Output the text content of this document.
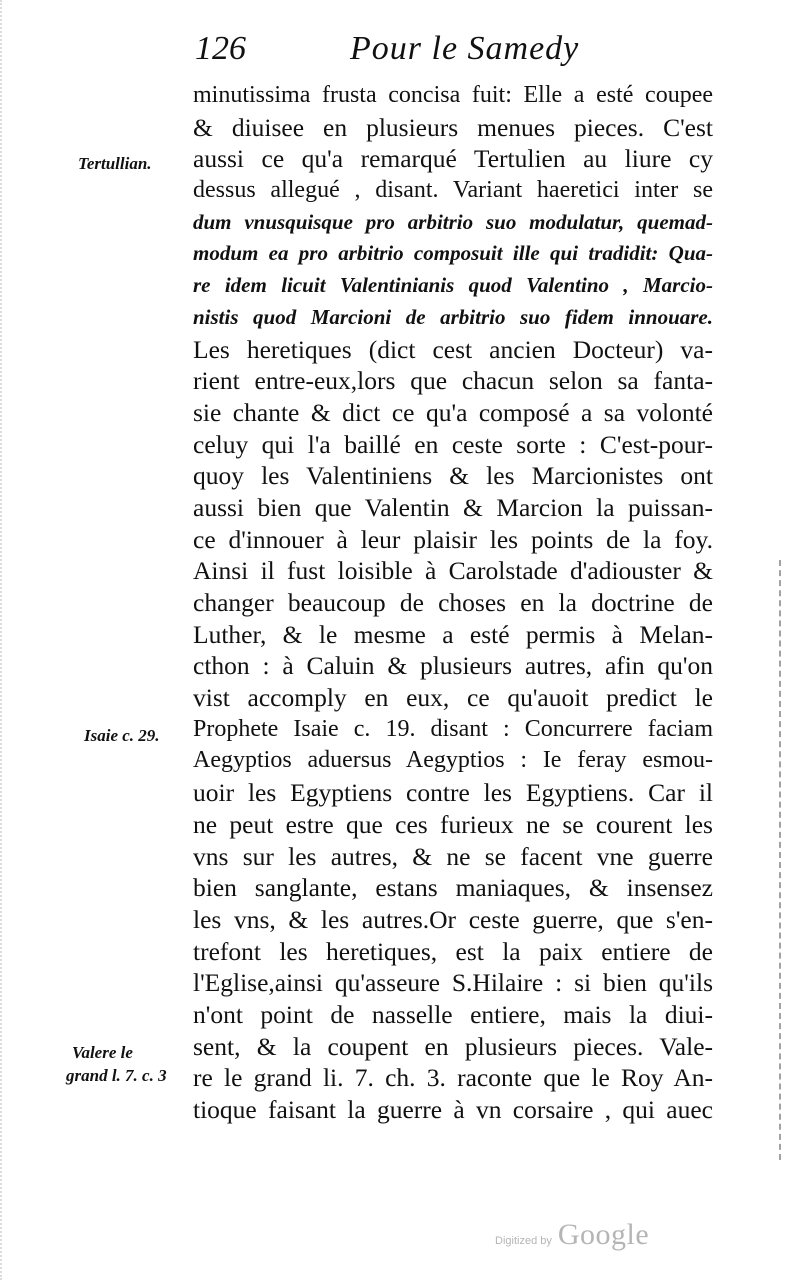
126	Pour le Samedy
Tertullian.
Isaie c. 29.
Valere le
grand l. 7. c. 3
minutissima frusta concisa fuit: Elle a esté coupee
& diuisee en plusieurs menues pieces. C'est
aussi ce qu'a remarqué Tertulien au liure cy
dessus allegué , disant. Variant haeretici inter se
dum vnusquisque pro arbitrio suo modulatur, quemad-
modum ea pro arbitrio composuit ille qui tradidit: Qua-
re idem licuit Valentinianis quod Valentino , Marcio-
nistis quod Marcioni de arbitrio suo fidem innouare.
Les heretiques (dict cest ancien Docteur) va-
rient entre-eux,lors que chacun selon sa fanta-
sie chante & dict ce qu'a composé a sa volonté
celuy qui l'a baillé en ceste sorte : C'est-pour-
quoy les Valentiniens & les Marcionistes ont
aussi bien que Valentin & Marcion la puissan-
ce d'innouer à leur plaisir les points de la foy.
Ainsi il fust loisible à Carolstade d'adiouster &
changer beaucoup de choses en la doctrine de
Luther, & le mesme a esté permis à Melan-
cthon : à Caluin & plusieurs autres, afin qu'on
vist accomply en eux, ce qu'auoit predict le
Prophete Isaie c. 19. disant : Concurrere faciam
Aegyptios aduersus Aegyptios : Ie feray esmou-
uoir les Egyptiens contre les Egyptiens. Car il
ne peut estre que ces furieux ne se courent les
vns sur les autres, & ne se facent vne guerre
bien sanglante, estans maniaques, & insensez
les vns, & les autres.Or ceste guerre, que s'en-
trefont les heretiques, est la paix entiere de
l'Eglise,ainsi qu'asseure S.Hilaire : si bien qu'ils
n'ont point de nasselle entiere, mais la diui-
sent, & la coupent en plusieurs pieces. Vale-
re le grand li. 7. ch. 3. raconte que le Roy An-
tioque faisant la guerre à vn corsaire , qui auec
Digitized by Google
